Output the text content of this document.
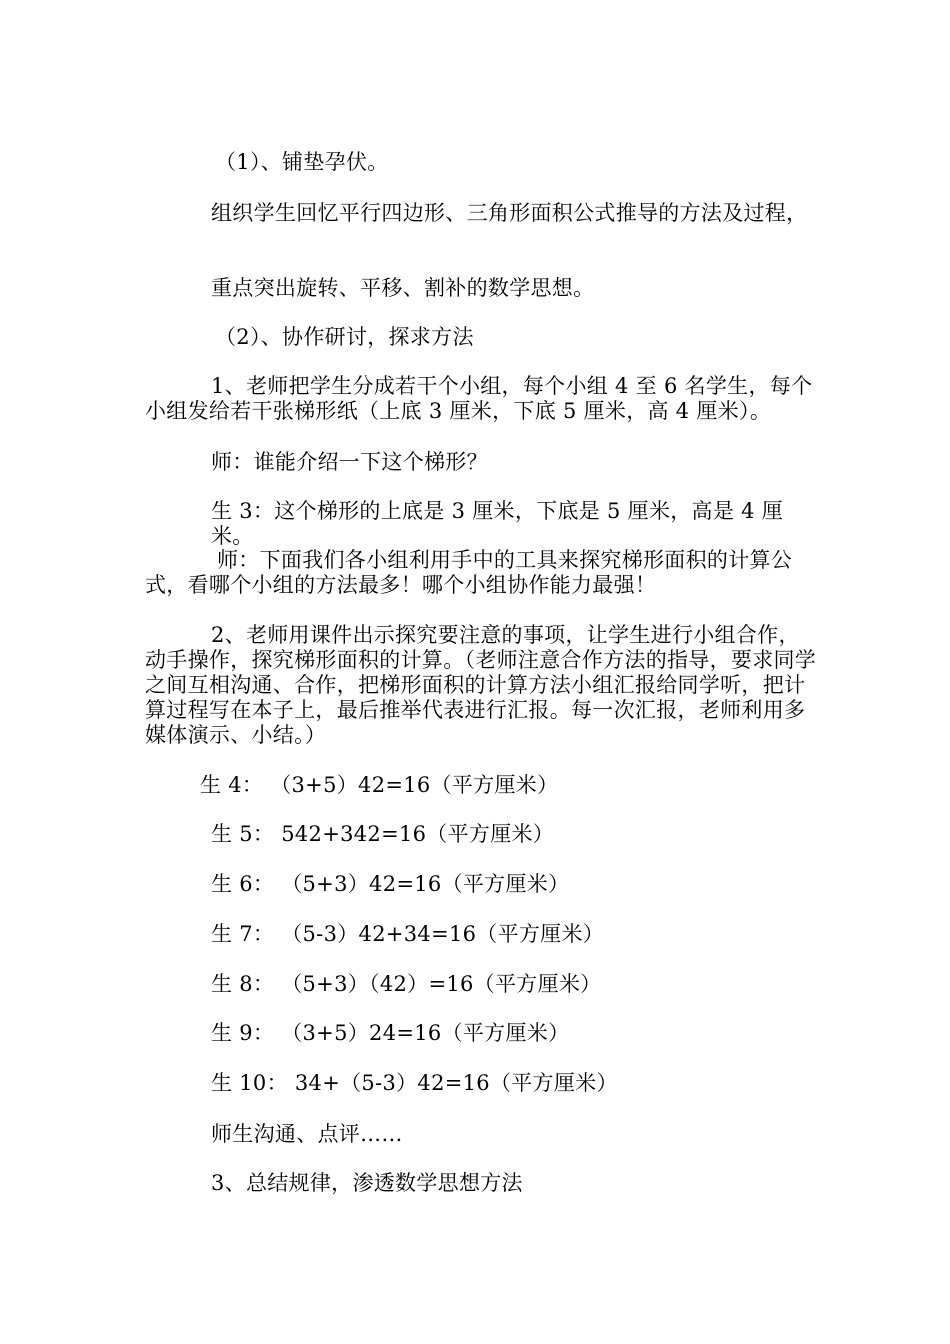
（1）、铺垫孕伏。

组织学生回忆平行四边形、三角形面积公式推导的方法及过程，

重点突出旋转、平移、割补的数学思想。

（2）、协作研讨，探求方法

1、老师把学生分成若干个小组，每个小组 4 至 6 名学生，每个小组发给若干张梯形纸（上底 3 厘米，下底 5 厘米，高 4 厘米）。

师：谁能介绍一下这个梯形？

生 3：这个梯形的上底是 3 厘米，下底是 5 厘米，高是 4 厘米。

师：下面我们各小组利用手中的工具来探究梯形面积的计算公式，看哪个小组的方法最多！哪个小组协作能力最强！

2、老师用课件出示探究要注意的事项，让学生进行小组合作，动手操作，探究梯形面积的计算。（老师注意合作方法的指导，要求同学之间互相沟通、合作，把梯形面积的计算方法小组汇报给同学听，把计算过程写在本子上，最后推举代表进行汇报。每一次汇报，老师利用多媒体演示、小结。）

生 4： （3+5）42=16（平方厘米）

生 5： 542+342=16（平方厘米）

生 6： （5+3）42=16（平方厘米）

生 7： （5-3）42+34=16（平方厘米）

生 8： （5+3）（42）=16（平方厘米）

生 9： （3+5）24=16（平方厘米）

生 10： 34+（5-3）42=16（平方厘米）

师生沟通、点评……

3、总结规律，渗透数学思想方法
